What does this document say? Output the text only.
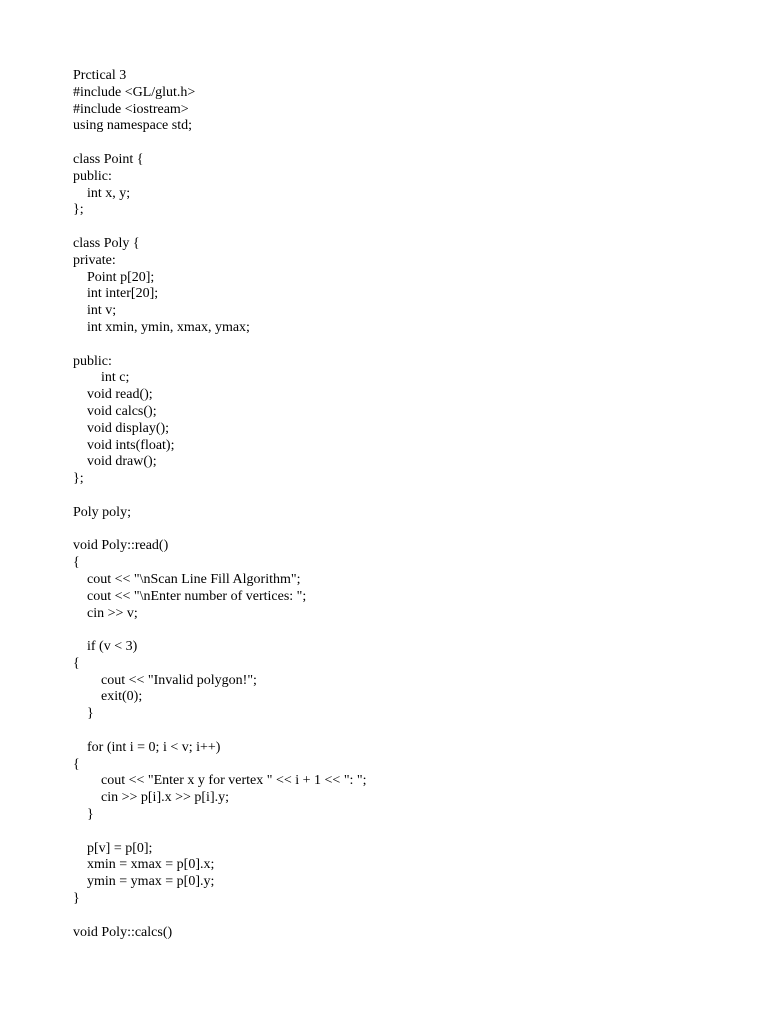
Prctical 3
#include <GL/glut.h>
#include <iostream>
using namespace std;
class Point {
public:
int x, y;
};
class Poly {
private:
Point p[20];
int inter[20];
int v;
int xmin, ymin, xmax, ymax;
public:
int c;
void read();
void calcs();
void display();
void ints(float);
void draw();
};
Poly poly;
void Poly::read()
{
cout << "\nScan Line Fill Algorithm";
cout << "\nEnter number of vertices: ";
cin >> v;
if (v < 3)
{
cout << "Invalid polygon!";
exit(0);
}
for (int i = 0; i < v; i++)
{
cout << "Enter x y for vertex " << i + 1 << ": ";
cin >> p[i].x >> p[i].y;
}
p[v] = p[0];
xmin = xmax = p[0].x;
ymin = ymax = p[0].y;
}
void Poly::calcs()
